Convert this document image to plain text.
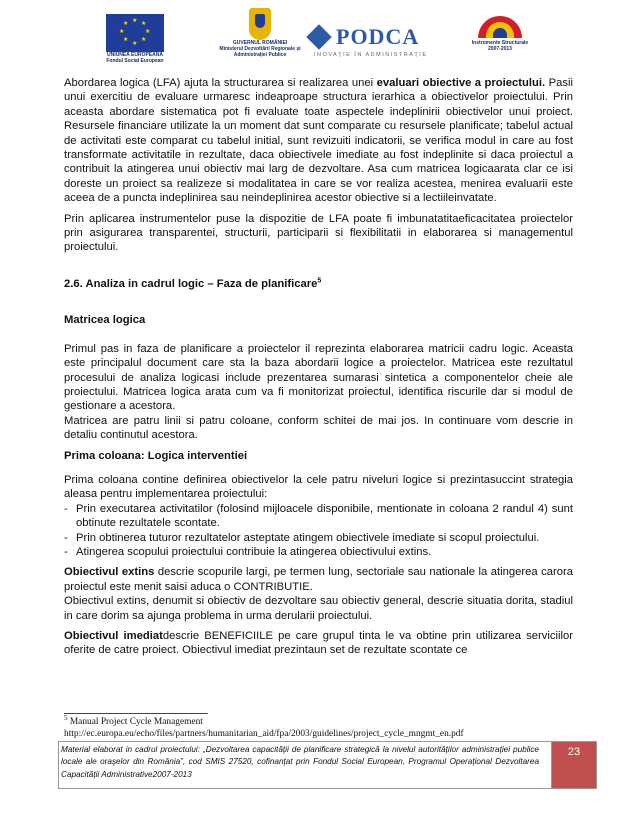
★ ★
★
★
★
★
★
★
UNIUNEA EUROPEANĂ
Fondul Social European
GUVERNUL ROMÂNIEI
Ministerul Dezvoltării Regionale și
Administrației Publice
PODCA
INOVAȚIE ÎN ADMINISTRAȚIE
Instrumente Structurale
2007-2013

Abordarea logica (LFA) ajuta la structurarea si realizarea unei evaluari obiective a proiectului. Pasii unui exercitiu de evaluare urmaresc indeaproape structura ierarhica a obiectivelor proiectului. Prin aceasta abordare sistematica pot fi evaluate toate aspectele indeplinirii obiectivelor unui proiect. Resursele financiare utilizate la un moment dat sunt comparate cu resursele planificate; tabelul actual de activitati este comparat cu tabelul initial, sunt revizuiti indicatorii, se verifica modul in care au fost transformate activitatile in rezultate, daca obiectivele imediate au fost indeplinite si daca proiectul a contribuit la atingerea unui obiectiv mai larg de dezvoltare. Asa cum matricea logicaarata clar ce isi doreste un proiect sa realizeze si modalitatea in care se vor realiza acestea, menirea evaluarii este aceea de a puncta indeplinirea sau neindeplinirea acestor obiective si a lectiileinvatate.

Prin aplicarea instrumentelor puse la dispozitie de LFA poate fi imbunatatitaeficacitatea proiectelor prin asigurarea transparentei, structurii, participarii si flexibilitatii in elaborarea si managementul proiectului.

2.6. Analiza in cadrul logic – Faza de planificare$^5$

Matricea logica

Primul pas in faza de planificare a proiectelor il reprezinta elaborarea matricii cadru logic. Aceasta este principalul document care sta la baza abordarii logice a proiectelor. Matricea este rezultatul procesului de analiza logicasi include prezentarea sumarasi sintetica a componentelor cheie ale proiectului. Matricea logica arata cum va fi monitorizat proiectul, identifica riscurile dar si modul de gestionare a acestora.

Matricea are patru linii si patru coloane, conform schitei de mai jos. In continuare vom descrie in detaliu continutul acestora.

Prima coloana: Logica interventiei

Prima coloana contine definirea obiectivelor la cele patru niveluri logice si prezintasuccint strategia aleasa pentru implementarea proiectului:

- Prin executarea activitatilor (folosind mijloacele disponibile, mentionate in coloana 2 randul 4) sunt obtinute rezultatele scontate.
- Prin obtinerea tuturor rezultatelor asteptate atingem obiectivele imediate si scopul proiectului.
- Atingerea scopului proiectului contribuie la atingerea obiectivului extins.

Obiectivul extins descrie scopurile largi, pe termen lung, sectoriale sau nationale la atingerea carora proiectul este menit saisi aduca o CONTRIBUTIE.

Obiectivul extins, denumit si obiectiv de dezvoltare sau obiectiv general, descrie situatia dorita, stadiul in care dorim sa ajunga problema in urma derularii proiectului.

Obiectivul imediatdescrie BENEFICIILE pe care grupul tinta le va obtine prin utilizarea serviciilor oferite de catre proiect. Obiectivul imediat prezintaun set de rezultate scontate ce

$^5$ Manual Project Cycle Management
http://ec.europa.eu/echo/files/partners/humanitarian_aid/fpa/2003/guidelines/project_cycle_mngmt_en.pdf
Material elaborat in cadrul proiectului: „Dezvoltarea capacităţii de planificare strategică la nivelul autorităţilor administraţiei publice locale ale oraşelor din România”, cod SMIS 27520, cofinanţat prin Fondul Social European, Programul Operaţional Dezvoltarea Capacităţii Administrative2007-2013
23
